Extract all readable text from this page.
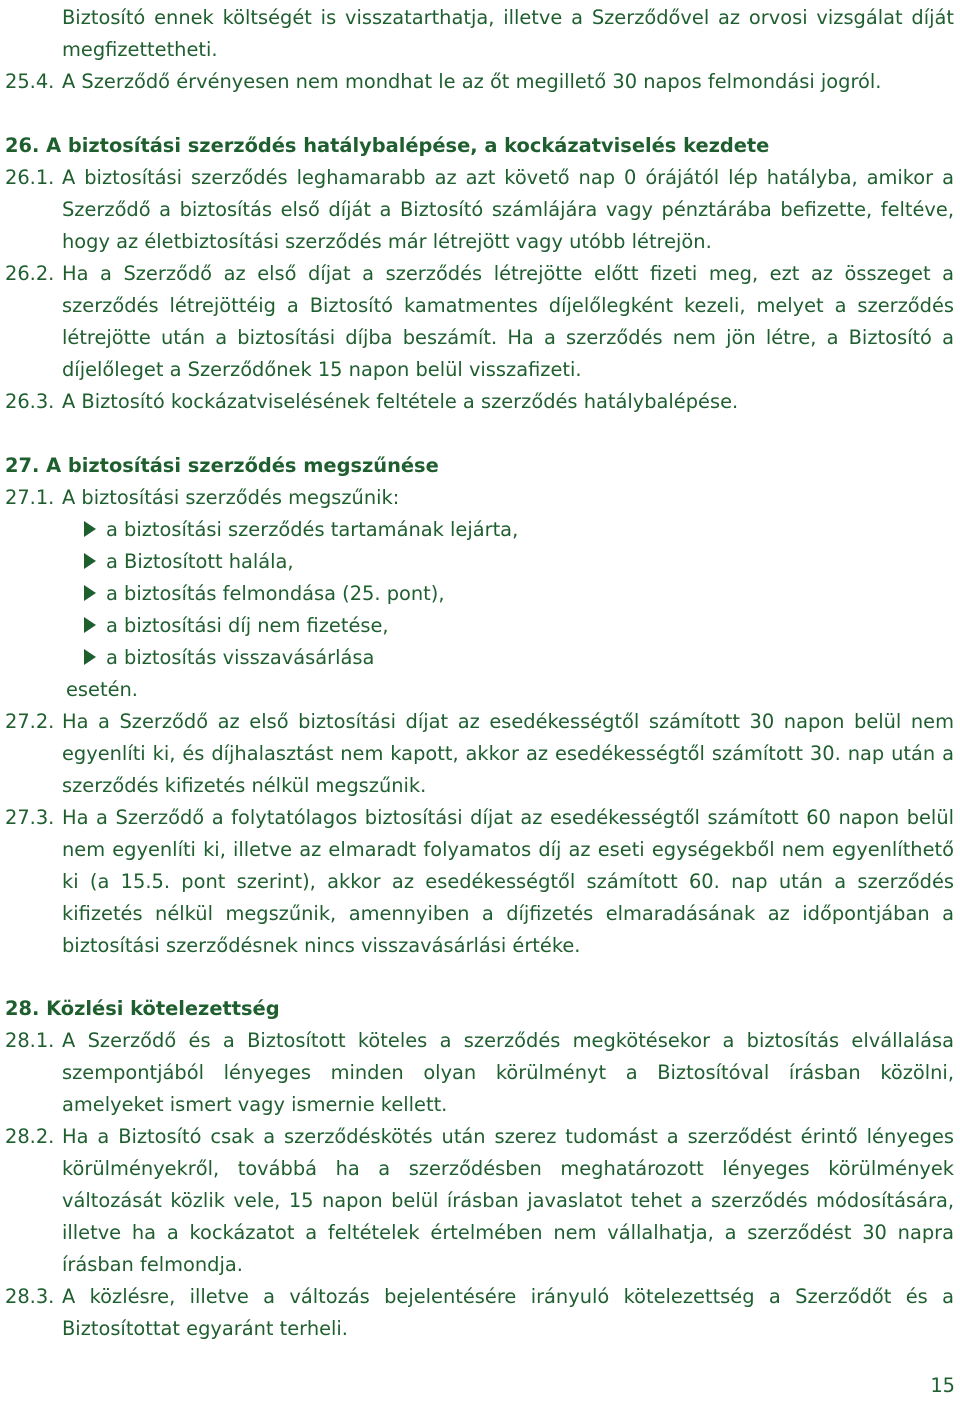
Biztosító ennek költségét is visszatarthatja, illetve a Szerződővel az orvosi vizsgálat díját megfizettetheti.

25.4. A Szerződő érvényesen nem mondhat le az őt megillető 30 napos felmondási jogról.

26. A biztosítási szerződés hatálybalépése, a kockázatviselés kezdete

26.1. A biztosítási szerződés leghamarabb az azt követő nap 0 órájától lép hatályba, amikor a Szerződő a biztosítás első díját a Biztosító számlájára vagy pénztárába befizette, feltéve, hogy az életbiztosítási szerződés már létrejött vagy utóbb létrejön.

26.2. Ha a Szerződő az első díjat a szerződés létrejötte előtt fizeti meg, ezt az összeget a szerződés létrejöttéig a Biztosító kamatmentes díjelőlegként kezeli, melyet a szerződés létrejötte után a biztosítási díjba beszámít. Ha a szerződés nem jön létre, a Biztosító a díjelőleget a Szerződőnek 15 napon belül visszafizeti.

26.3. A Biztosító kockázatviselésének feltétele a szerződés hatálybalépése.

27. A biztosítási szerződés megszűnése

27.1. A biztosítási szerződés megszűnik:

a biztosítási szerződés tartamának lejárta,
a Biztosított halála,
a biztosítás felmondása (25. pont),
a biztosítási díj nem fizetése,
a biztosítás visszavásárlása
esetén.

27.2. Ha a Szerződő az első biztosítási díjat az esedékességtől számított 30 napon belül nem egyenlíti ki, és díjhalasztást nem kapott, akkor az esedékességtől számított 30. nap után a szerződés kifizetés nélkül megszűnik.

27.3. Ha a Szerződő a folytatólagos biztosítási díjat az esedékességtől számított 60 napon belül nem egyenlíti ki, illetve az elmaradt folyamatos díj az eseti egységekből nem egyenlíthető ki (a 15.5. pont szerint), akkor az esedékességtől számított 60. nap után a szerződés kifizetés nélkül megszűnik, amennyiben a díjfizetés elmaradásának az időpontjában a biztosítási szerződésnek nincs visszavásárlási értéke.

28. Közlési kötelezettség

28.1. A Szerződő és a Biztosított köteles a szerződés megkötésekor a biztosítás elvállalása szempontjából lényeges minden olyan körülményt a Biztosítóval írásban közölni, amelyeket ismert vagy ismernie kellett.

28.2. Ha a Biztosító csak a szerződéskötés után szerez tudomást a szerződést érintő lényeges körülményekről, továbbá ha a szerződésben meghatározott lényeges körülmények változását közlik vele, 15 napon belül írásban javaslatot tehet a szerződés módosítására, illetve ha a kockázatot a feltételek értelmében nem vállalhatja, a szerződést 30 napra írásban felmondja.

28.3. A közlésre, illetve a változás bejelentésére irányuló kötelezettség a Szerződőt és a Biztosítottat egyaránt terheli.

15
